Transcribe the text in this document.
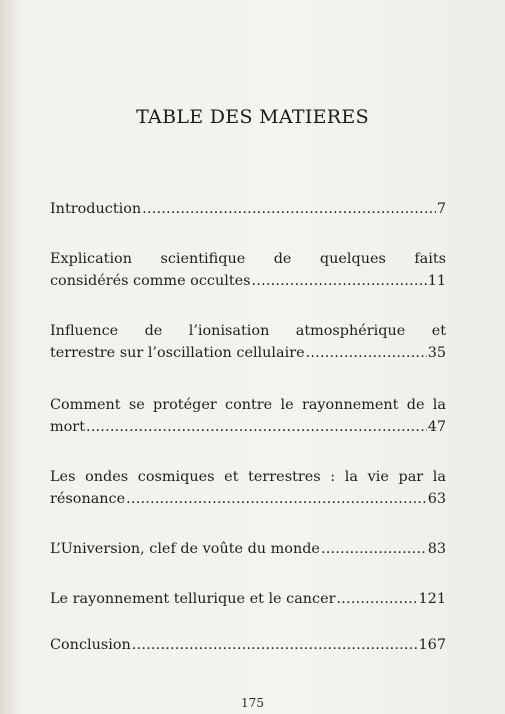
TABLE DES MATIERES
Introduction .....	7
Explication scientifique de quelques faits
considérés comme occultes .....	11
Influence de l’ionisation atmosphérique et
terrestre sur l’oscillation cellulaire .....	35
Comment se protéger contre le rayonnement de la
mort .....	47
Les ondes cosmiques et terrestres : la vie par la
résonance .....	63
L’Universion, clef de voûte du monde .....	83
Le rayonnement tellurique et le cancer .....	121
Conclusion .....	167
175
